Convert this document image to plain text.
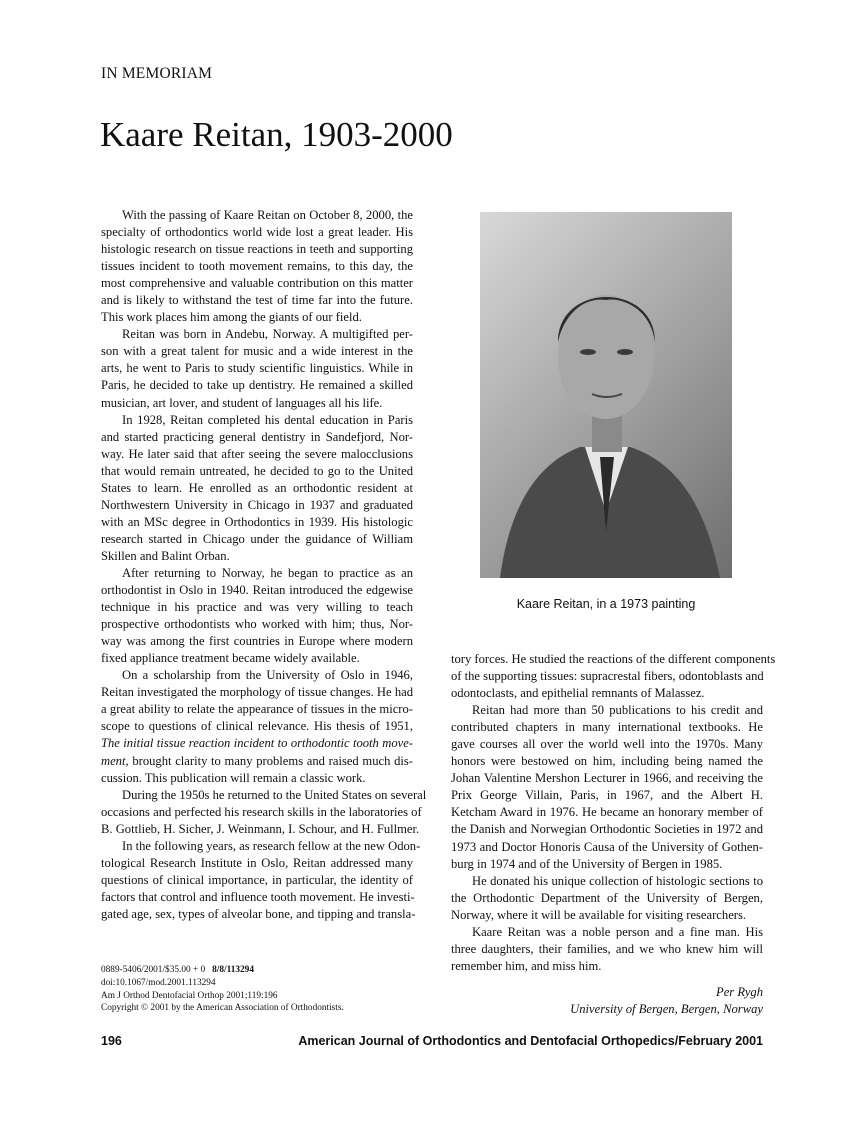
IN MEMORIAM
Kaare Reitan, 1903-2000
With the passing of Kaare Reitan on October 8, 2000, the
specialty of orthodontics world wide lost a great leader. His
histologic research on tissue reactions in teeth and supporting
tissues incident to tooth movement remains, to this day, the
most comprehensive and valuable contribution on this matter
and is likely to withstand the test of time far into the future.
This work places him among the giants of our field.
Reitan was born in Andebu, Norway. A multigifted per-
son with a great talent for music and a wide interest in the
arts, he went to Paris to study scientific linguistics. While in
Paris, he decided to take up dentistry. He remained a skilled
musician, art lover, and student of languages all his life.
In 1928, Reitan completed his dental education in Paris
and started practicing general dentistry in Sandefjord, Nor-
way. He later said that after seeing the severe malocclusions
that would remain untreated, he decided to go to the United
States to learn. He enrolled as an orthodontic resident at
Northwestern University in Chicago in 1937 and graduated
with an MSc degree in Orthodontics in 1939. His histologic
research started in Chicago under the guidance of William
Skillen and Balint Orban.
After returning to Norway, he began to practice as an
orthodontist in Oslo in 1940. Reitan introduced the edgewise
technique in his practice and was very willing to teach
prospective orthodontists who worked with him; thus, Nor-
way was among the first countries in Europe where modern
fixed appliance treatment became widely available.
On a scholarship from the University of Oslo in 1946,
Reitan investigated the morphology of tissue changes. He had
a great ability to relate the appearance of tissues in the micro-
scope to questions of clinical relevance. His thesis of 1951,
The initial tissue reaction incident to orthodontic tooth move-
ment, brought clarity to many problems and raised much dis-
cussion. This publication will remain a classic work.
During the 1950s he returned to the United States on several
occasions and perfected his research skills in the laboratories of
B. Gottlieb, H. Sicher, J. Weinmann, I. Schour, and H. Fullmer.
In the following years, as research fellow at the new Odon-
tological Research Institute in Oslo, Reitan addressed many
questions of clinical importance, in particular, the identity of
factors that control and influence tooth movement. He investi-
gated age, sex, types of alveolar bone, and tipping and transla-
tory forces. He studied the reactions of the different components
of the supporting tissues: supracrestal fibers, odontoblasts and
odontoclasts, and epithelial remnants of Malassez.
Reitan had more than 50 publications to his credit and
contributed chapters in many international textbooks. He
gave courses all over the world well into the 1970s. Many
honors were bestowed on him, including being named the
Johan Valentine Mershon Lecturer in 1966, and receiving the
Prix George Villain, Paris, in 1967, and the Albert H.
Ketcham Award in 1976. He became an honorary member of
the Danish and Norwegian Orthodontic Societies in 1972 and
1973 and Doctor Honoris Causa of the University of Gothen-
burg in 1974 and of the University of Bergen in 1985.
He donated his unique collection of histologic sections to
the Orthodontic Department of the University of Bergen,
Norway, where it will be available for visiting researchers.
Kaare Reitan was a noble person and a fine man. His
three daughters, their families, and we who knew him will
remember him, and miss him.
Kaare Reitan, in a 1973 painting
0889-5406/2001/$35.00 + 0 8/8/113294
doi:10.1067/mod.2001.113294
Am J Orthod Dentofacial Orthop 2001;119:196
Copyright © 2001 by the American Association of Orthodontists.
Per Rygh
University of Bergen, Bergen, Norway
196	American Journal of Orthodontics and Dentofacial Orthopedics/February 2001
